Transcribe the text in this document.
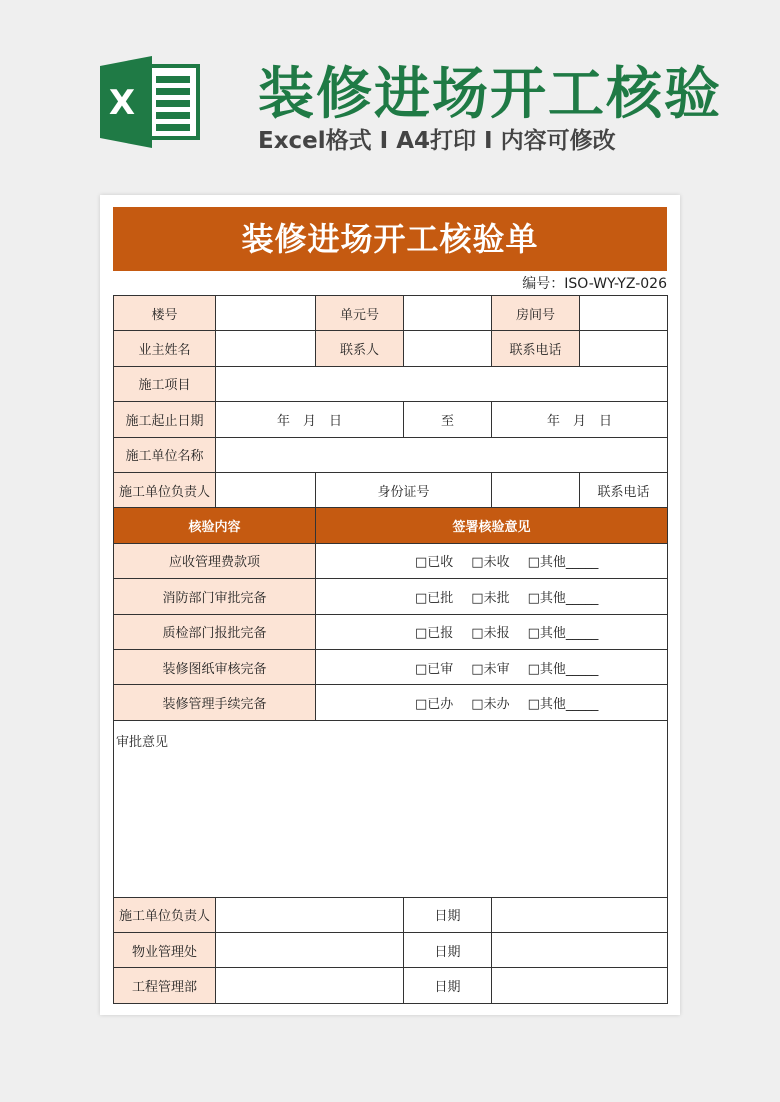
X 装修进场开工核验
Excel格式 I A4打印 I 内容可修改
装修进场开工核验单
编号：ISO-WY-YZ-026
楼号		单元号		房间号	
业主姓名		联系人		联系电话	
施工项目					
施工起止日期	年　月　日		至	年　月　日	
施工单位名称					
施工单位负责人		身份证号			联系电话
核验内容		签署核验意见			
应收管理费款项		□已收 □未收 □其他_____			
消防部门审批完备		□已批 □未批 □其他_____			
质检部门报批完备		□已报 □未报 □其他_____			
装修图纸审核完备		□已审 □未审 □其他_____			
装修管理手续完备		□已办 □未办 □其他_____			
审批意见					
施工单位负责人			日期		
物业管理处			日期		
工程管理部			日期		
